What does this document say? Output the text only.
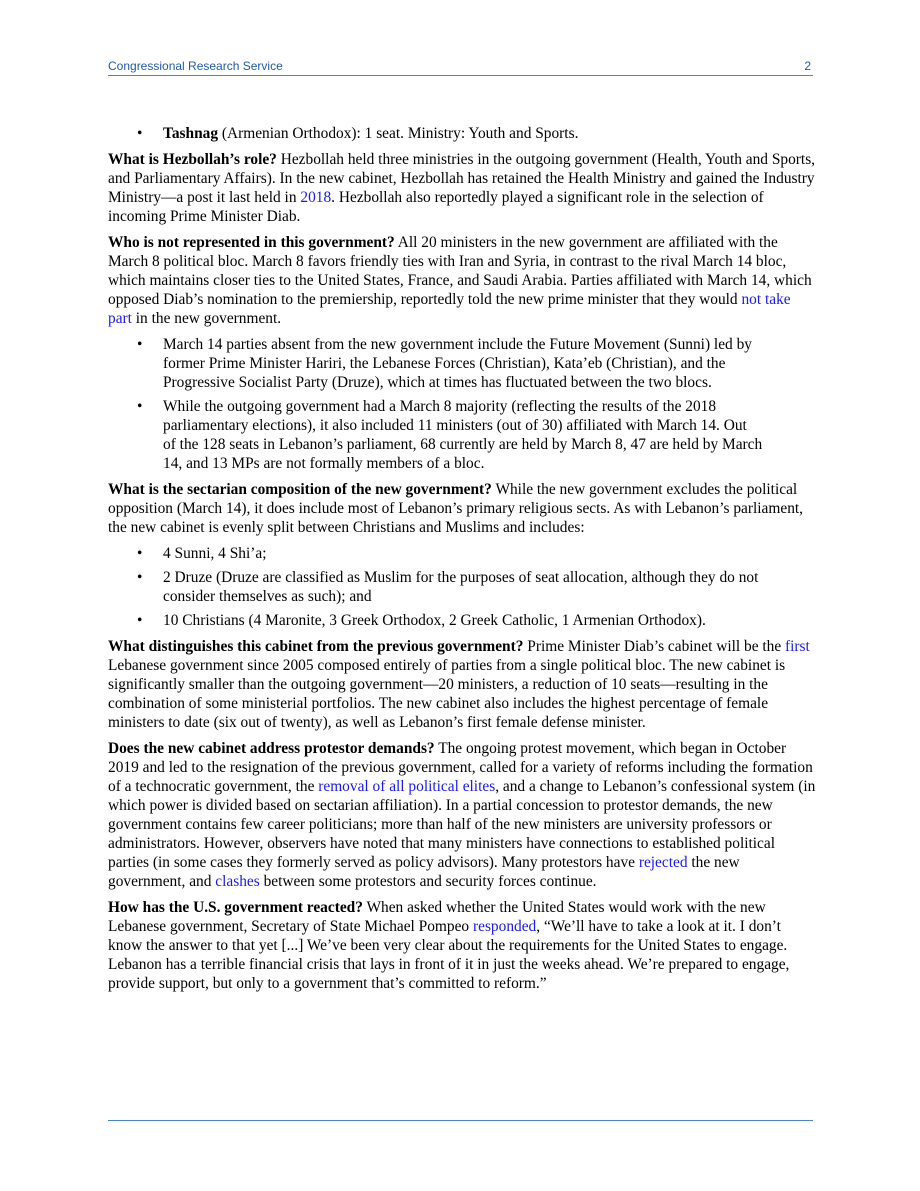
Congressional Research Service	2
• Tashnag (Armenian Orthodox): 1 seat. Ministry: Youth and Sports.

What is Hezbollah’s role? Hezbollah held three ministries in the outgoing government (Health, Youth and Sports, and Parliamentary Affairs). In the new cabinet, Hezbollah has retained the Health Ministry and gained the Industry Ministry—a post it last held in 2018. Hezbollah also reportedly played a significant role in the selection of incoming Prime Minister Diab.

Who is not represented in this government? All 20 ministers in the new government are affiliated with the March 8 political bloc. March 8 favors friendly ties with Iran and Syria, in contrast to the rival March 14 bloc, which maintains closer ties to the United States, France, and Saudi Arabia. Parties affiliated with March 14, which opposed Diab’s nomination to the premiership, reportedly told the new prime minister that they would not take part in the new government.

• March 14 parties absent from the new government include the Future Movement (Sunni) led by former Prime Minister Hariri, the Lebanese Forces (Christian), Kata’eb (Christian), and the Progressive Socialist Party (Druze), which at times has fluctuated between the two blocs.
• While the outgoing government had a March 8 majority (reflecting the results of the 2018 parliamentary elections), it also included 11 ministers (out of 30) affiliated with March 14. Out of the 128 seats in Lebanon’s parliament, 68 currently are held by March 8, 47 are held by March 14, and 13 MPs are not formally members of a bloc.

What is the sectarian composition of the new government? While the new government excludes the political opposition (March 14), it does include most of Lebanon’s primary religious sects. As with Lebanon’s parliament, the new cabinet is evenly split between Christians and Muslims and includes:

• 4 Sunni, 4 Shi’a;
• 2 Druze (Druze are classified as Muslim for the purposes of seat allocation, although they do not consider themselves as such); and
• 10 Christians (4 Maronite, 3 Greek Orthodox, 2 Greek Catholic, 1 Armenian Orthodox).

What distinguishes this cabinet from the previous government? Prime Minister Diab’s cabinet will be the first Lebanese government since 2005 composed entirely of parties from a single political bloc. The new cabinet is significantly smaller than the outgoing government—20 ministers, a reduction of 10 seats—resulting in the combination of some ministerial portfolios. The new cabinet also includes the highest percentage of female ministers to date (six out of twenty), as well as Lebanon’s first female defense minister.

Does the new cabinet address protestor demands? The ongoing protest movement, which began in October 2019 and led to the resignation of the previous government, called for a variety of reforms including the formation of a technocratic government, the removal of all political elites, and a change to Lebanon’s confessional system (in which power is divided based on sectarian affiliation). In a partial concession to protestor demands, the new government contains few career politicians; more than half of the new ministers are university professors or administrators. However, observers have noted that many ministers have connections to established political parties (in some cases they formerly served as policy advisors). Many protestors have rejected the new government, and clashes between some protestors and security forces continue.

How has the U.S. government reacted? When asked whether the United States would work with the new Lebanese government, Secretary of State Michael Pompeo responded, “We’ll have to take a look at it. I don’t know the answer to that yet [...] We’ve been very clear about the requirements for the United States to engage. Lebanon has a terrible financial crisis that lays in front of it in just the weeks ahead. We’re prepared to engage, provide support, but only to a government that’s committed to reform.”
